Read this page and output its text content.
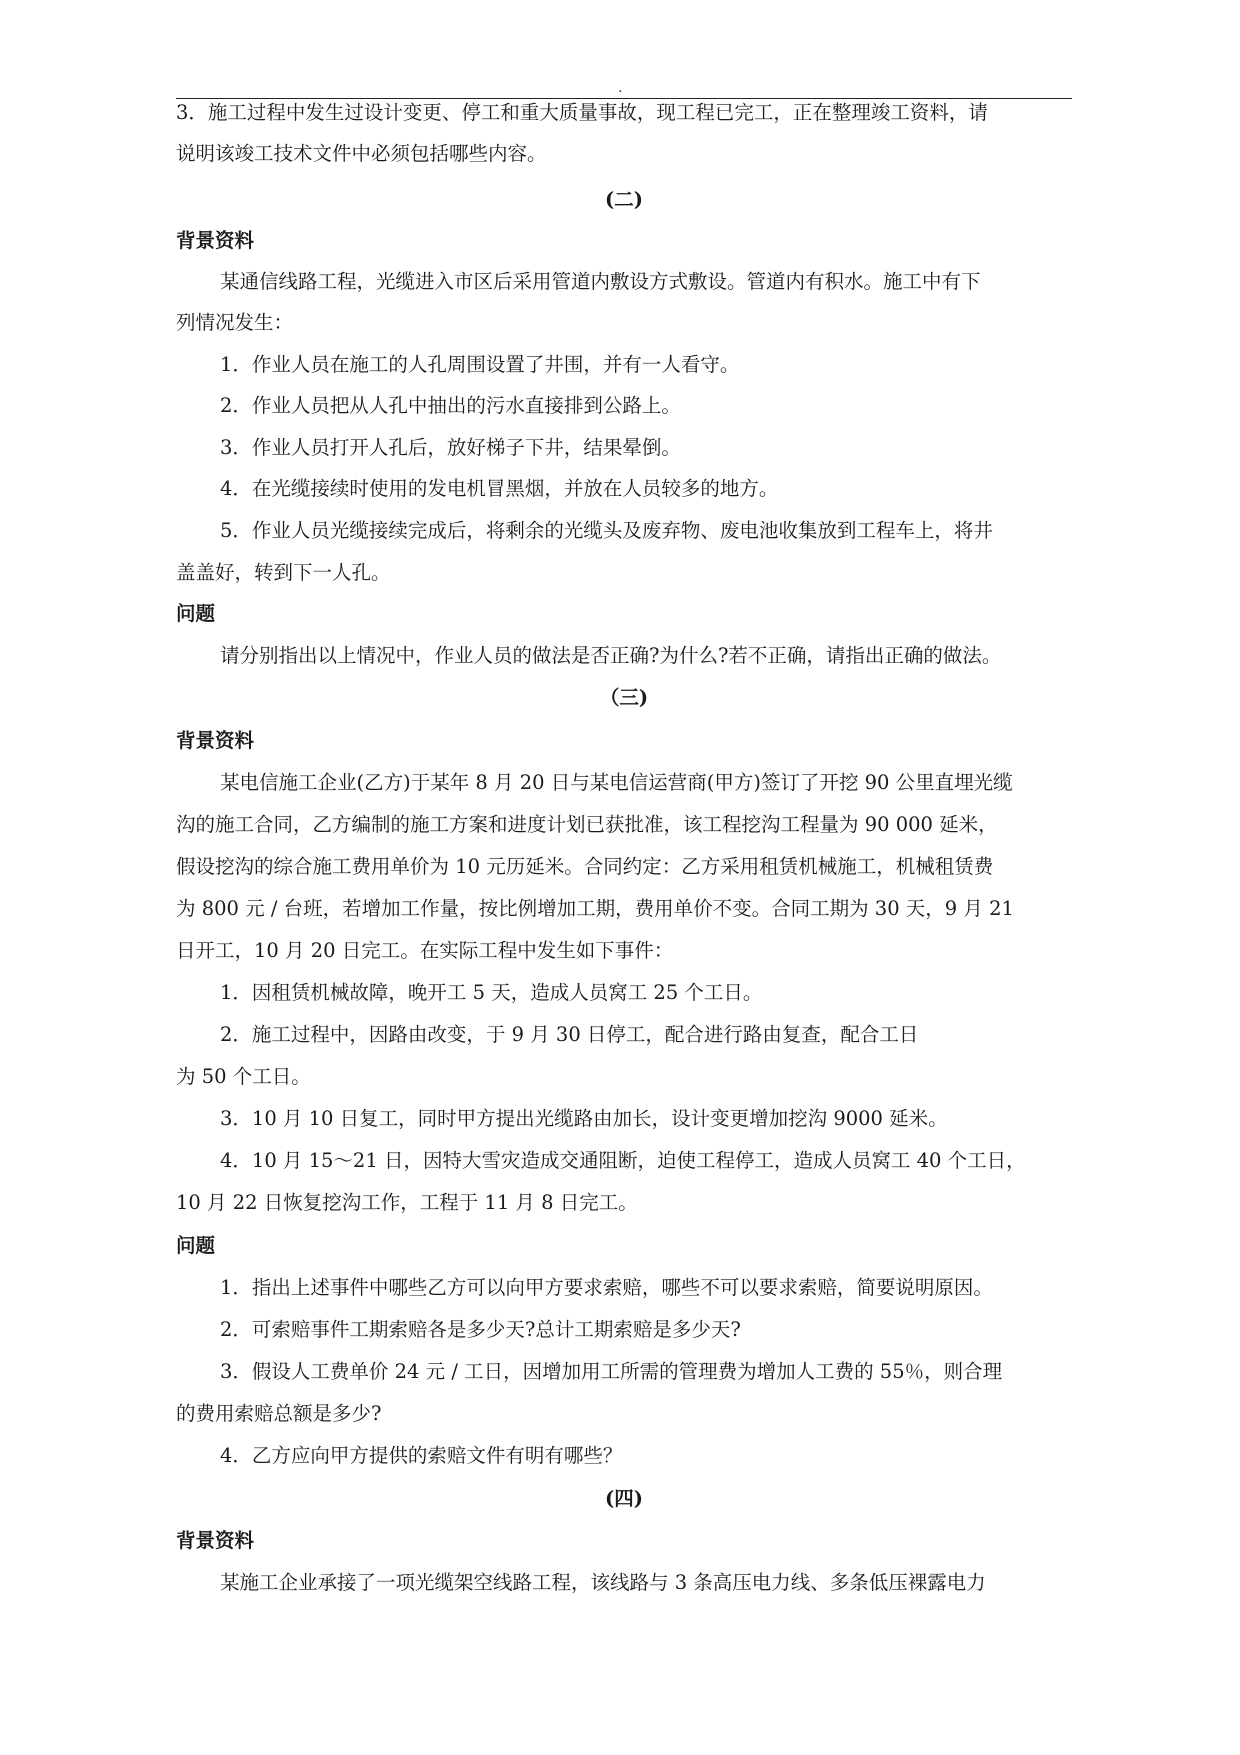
.
3．施工过程中发生过设计变更、停工和重大质量事故，现工程已完工，正在整理竣工资料，请
说明该竣工技术文件中必须包括哪些内容。
(二)
背景资料
某通信线路工程，光缆进入市区后采用管道内敷设方式敷设。管道内有积水。施工中有下
列情况发生：
1．作业人员在施工的人孔周围设置了井围，并有一人看守。
2．作业人员把从人孔中抽出的污水直接排到公路上。
3．作业人员打开人孔后，放好梯子下井，结果晕倒。
4．在光缆接续时使用的发电机冒黑烟，并放在人员较多的地方。
5．作业人员光缆接续完成后，将剩余的光缆头及废弃物、废电池收集放到工程车上，将井
盖盖好，转到下一人孔。
问题
请分别指出以上情况中，作业人员的做法是否正确?为什么?若不正确，请指出正确的做法。
（三)
背景资料
某电信施工企业(乙方)于某年 8 月 20 日与某电信运营商(甲方)签订了开挖 90 公里直埋光缆
沟的施工合同，乙方编制的施工方案和进度计划已获批准，该工程挖沟工程量为 90 000 延米，
假设挖沟的综合施工费用单价为 10 元历延米。合同约定：乙方采用租赁机械施工，机械租赁费
为 800 元 / 台班，若增加工作量，按比例增加工期，费用单价不变。合同工期为 30 天，9 月 21
日开工，10 月 20 日完工。在实际工程中发生如下事件：
1．因租赁机械故障，晚开工 5 天，造成人员窝工 25 个工日。
2．施工过程中，因路由改变，于 9 月 30 日停工，配合进行路由复查，配合工日
为 50 个工日。
3．10 月 10 日复工，同时甲方提出光缆路由加长，设计变更增加挖沟 9000 延米。
4．10 月 15～21 日，因特大雪灾造成交通阻断，迫使工程停工，造成人员窝工 40 个工日，
10 月 22 日恢复挖沟工作，工程于 11 月 8 日完工。
问题
1．指出上述事件中哪些乙方可以向甲方要求索赔，哪些不可以要求索赔，简要说明原因。
2．可索赔事件工期索赔各是多少天?总计工期索赔是多少天?
3．假设人工费单价 24 元 / 工日，因增加用工所需的管理费为增加人工费的 55％，则合理
的费用索赔总额是多少?
4．乙方应向甲方提供的索赔文件有明有哪些？
(四)
背景资料
某施工企业承接了一项光缆架空线路工程，该线路与 3 条高压电力线、多条低压裸露电力
